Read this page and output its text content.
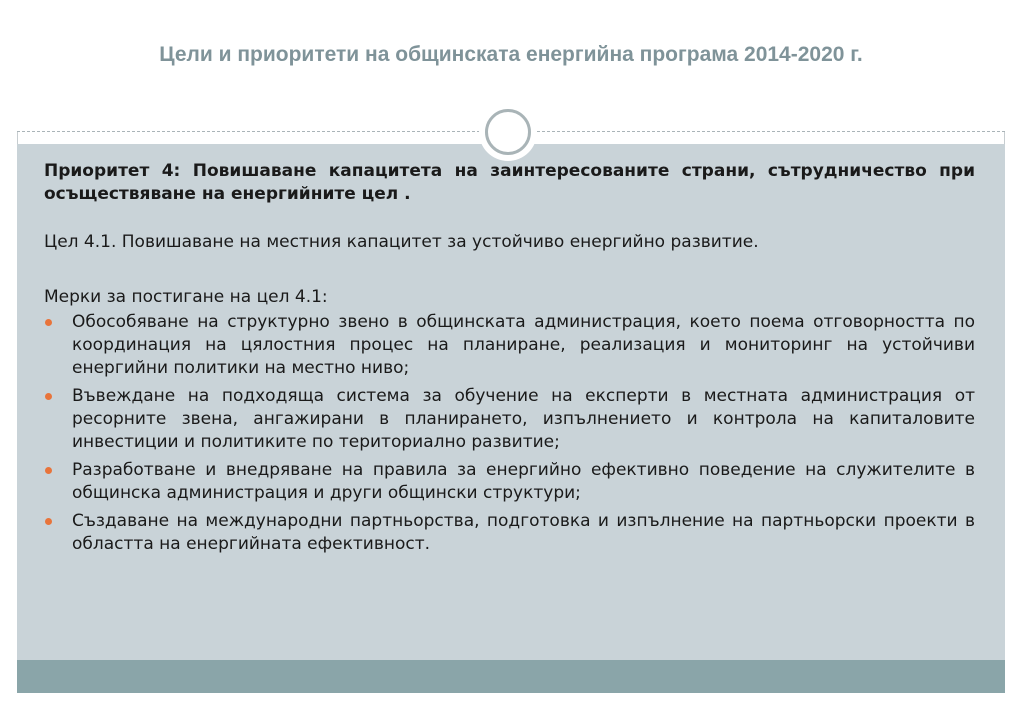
Цели и приоритети на общинската енергийна програма 2014-2020 г.

Приоритет 4: Повишаване капацитета на заинтересованите страни, сътрудничество при осъществяване на енергийните цел .

Цел 4.1. Повишаване на местния капацитет за устойчиво енергийно развитие.

Мерки за постигане на цел 4.1:

Обособяване на структурно звено в общинската администрация, което поема отговорността по координация на цялостния процес на планиране, реализация и мониторинг на устойчиви енергийни политики на местно ниво;
Въвеждане на подходяща система за обучение на експерти в местната администрация от ресорните звена, ангажирани в планирането, изпълнението и контрола на капиталовите инвестиции и политиките по териториално развитие;
Разработване и внедряване на правила за енергийно ефективно поведение на служителите в общинска администрация и други общински структури;
Създаване на международни партньорства, подготовка и изпълнение на партньорски проекти в областта на енергийната ефективност.
